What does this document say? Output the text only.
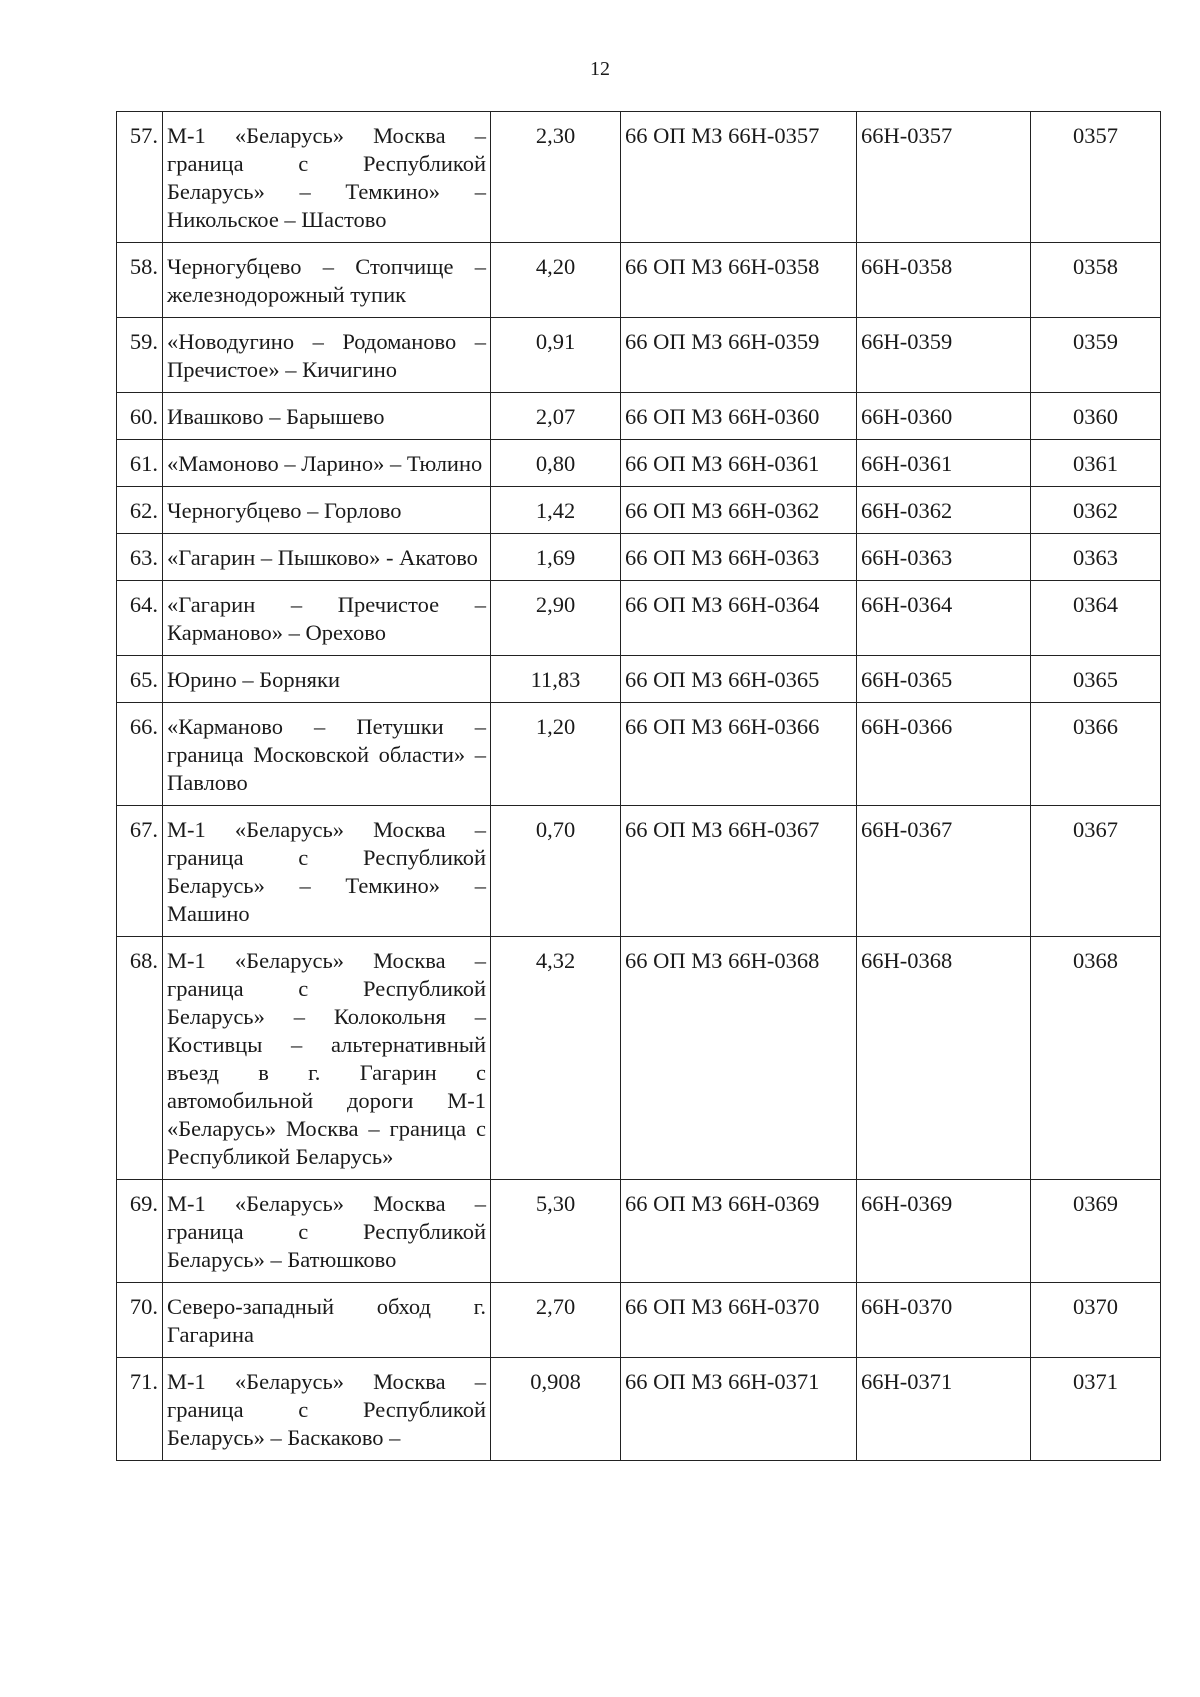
12
57.	М-1 «Беларусь» Москва – граница с Республикой Беларусь» – Темкино» – Никольское – Шастово	2,30	66 ОП МЗ 66Н-0357	66Н-0357	0357
58.	Черногубцево – Стопчище – железнодорожный тупик	4,20	66 ОП МЗ 66Н-0358	66Н-0358	0358
59.	«Новодугино – Родоманово – Пречистое» – Кичигино	0,91	66 ОП МЗ 66Н-0359	66Н-0359	0359
60.	Ивашково – Барышево	2,07	66 ОП МЗ 66Н-0360	66Н-0360	0360
61.	«Мамоново – Ларино» – Тюлино	0,80	66 ОП МЗ 66Н-0361	66Н-0361	0361
62.	Черногубцево – Горлово	1,42	66 ОП МЗ 66Н-0362	66Н-0362	0362
63.	«Гагарин – Пышково» - Акатово	1,69	66 ОП МЗ 66Н-0363	66Н-0363	0363
64.	«Гагарин – Пречистое – Карманово» – Орехово	2,90	66 ОП МЗ 66Н-0364	66Н-0364	0364
65.	Юрино – Борняки	11,83	66 ОП МЗ 66Н-0365	66Н-0365	0365
66.	«Карманово – Петушки – граница Московской области» – Павлово	1,20	66 ОП МЗ 66Н-0366	66Н-0366	0366
67.	М-1 «Беларусь» Москва – граница с Республикой Беларусь» – Темкино» – Машино	0,70	66 ОП МЗ 66Н-0367	66Н-0367	0367
68.	М-1 «Беларусь» Москва – граница с Республикой Беларусь» – Колокольня – Костивцы – альтернативный въезд в г. Гагарин с автомобильной дороги М-1 «Беларусь» Москва – граница с Республикой Беларусь»	4,32	66 ОП МЗ 66Н-0368	66Н-0368	0368
69.	М-1 «Беларусь» Москва – граница с Республикой Беларусь» – Батюшково	5,30	66 ОП МЗ 66Н-0369	66Н-0369	0369
70.	Северо-западный обход г. Гагарина	2,70	66 ОП МЗ 66Н-0370	66Н-0370	0370
71.	М-1 «Беларусь» Москва – граница с Республикой Беларусь» – Баскаково –	0,908	66 ОП МЗ 66Н-0371	66Н-0371	0371
